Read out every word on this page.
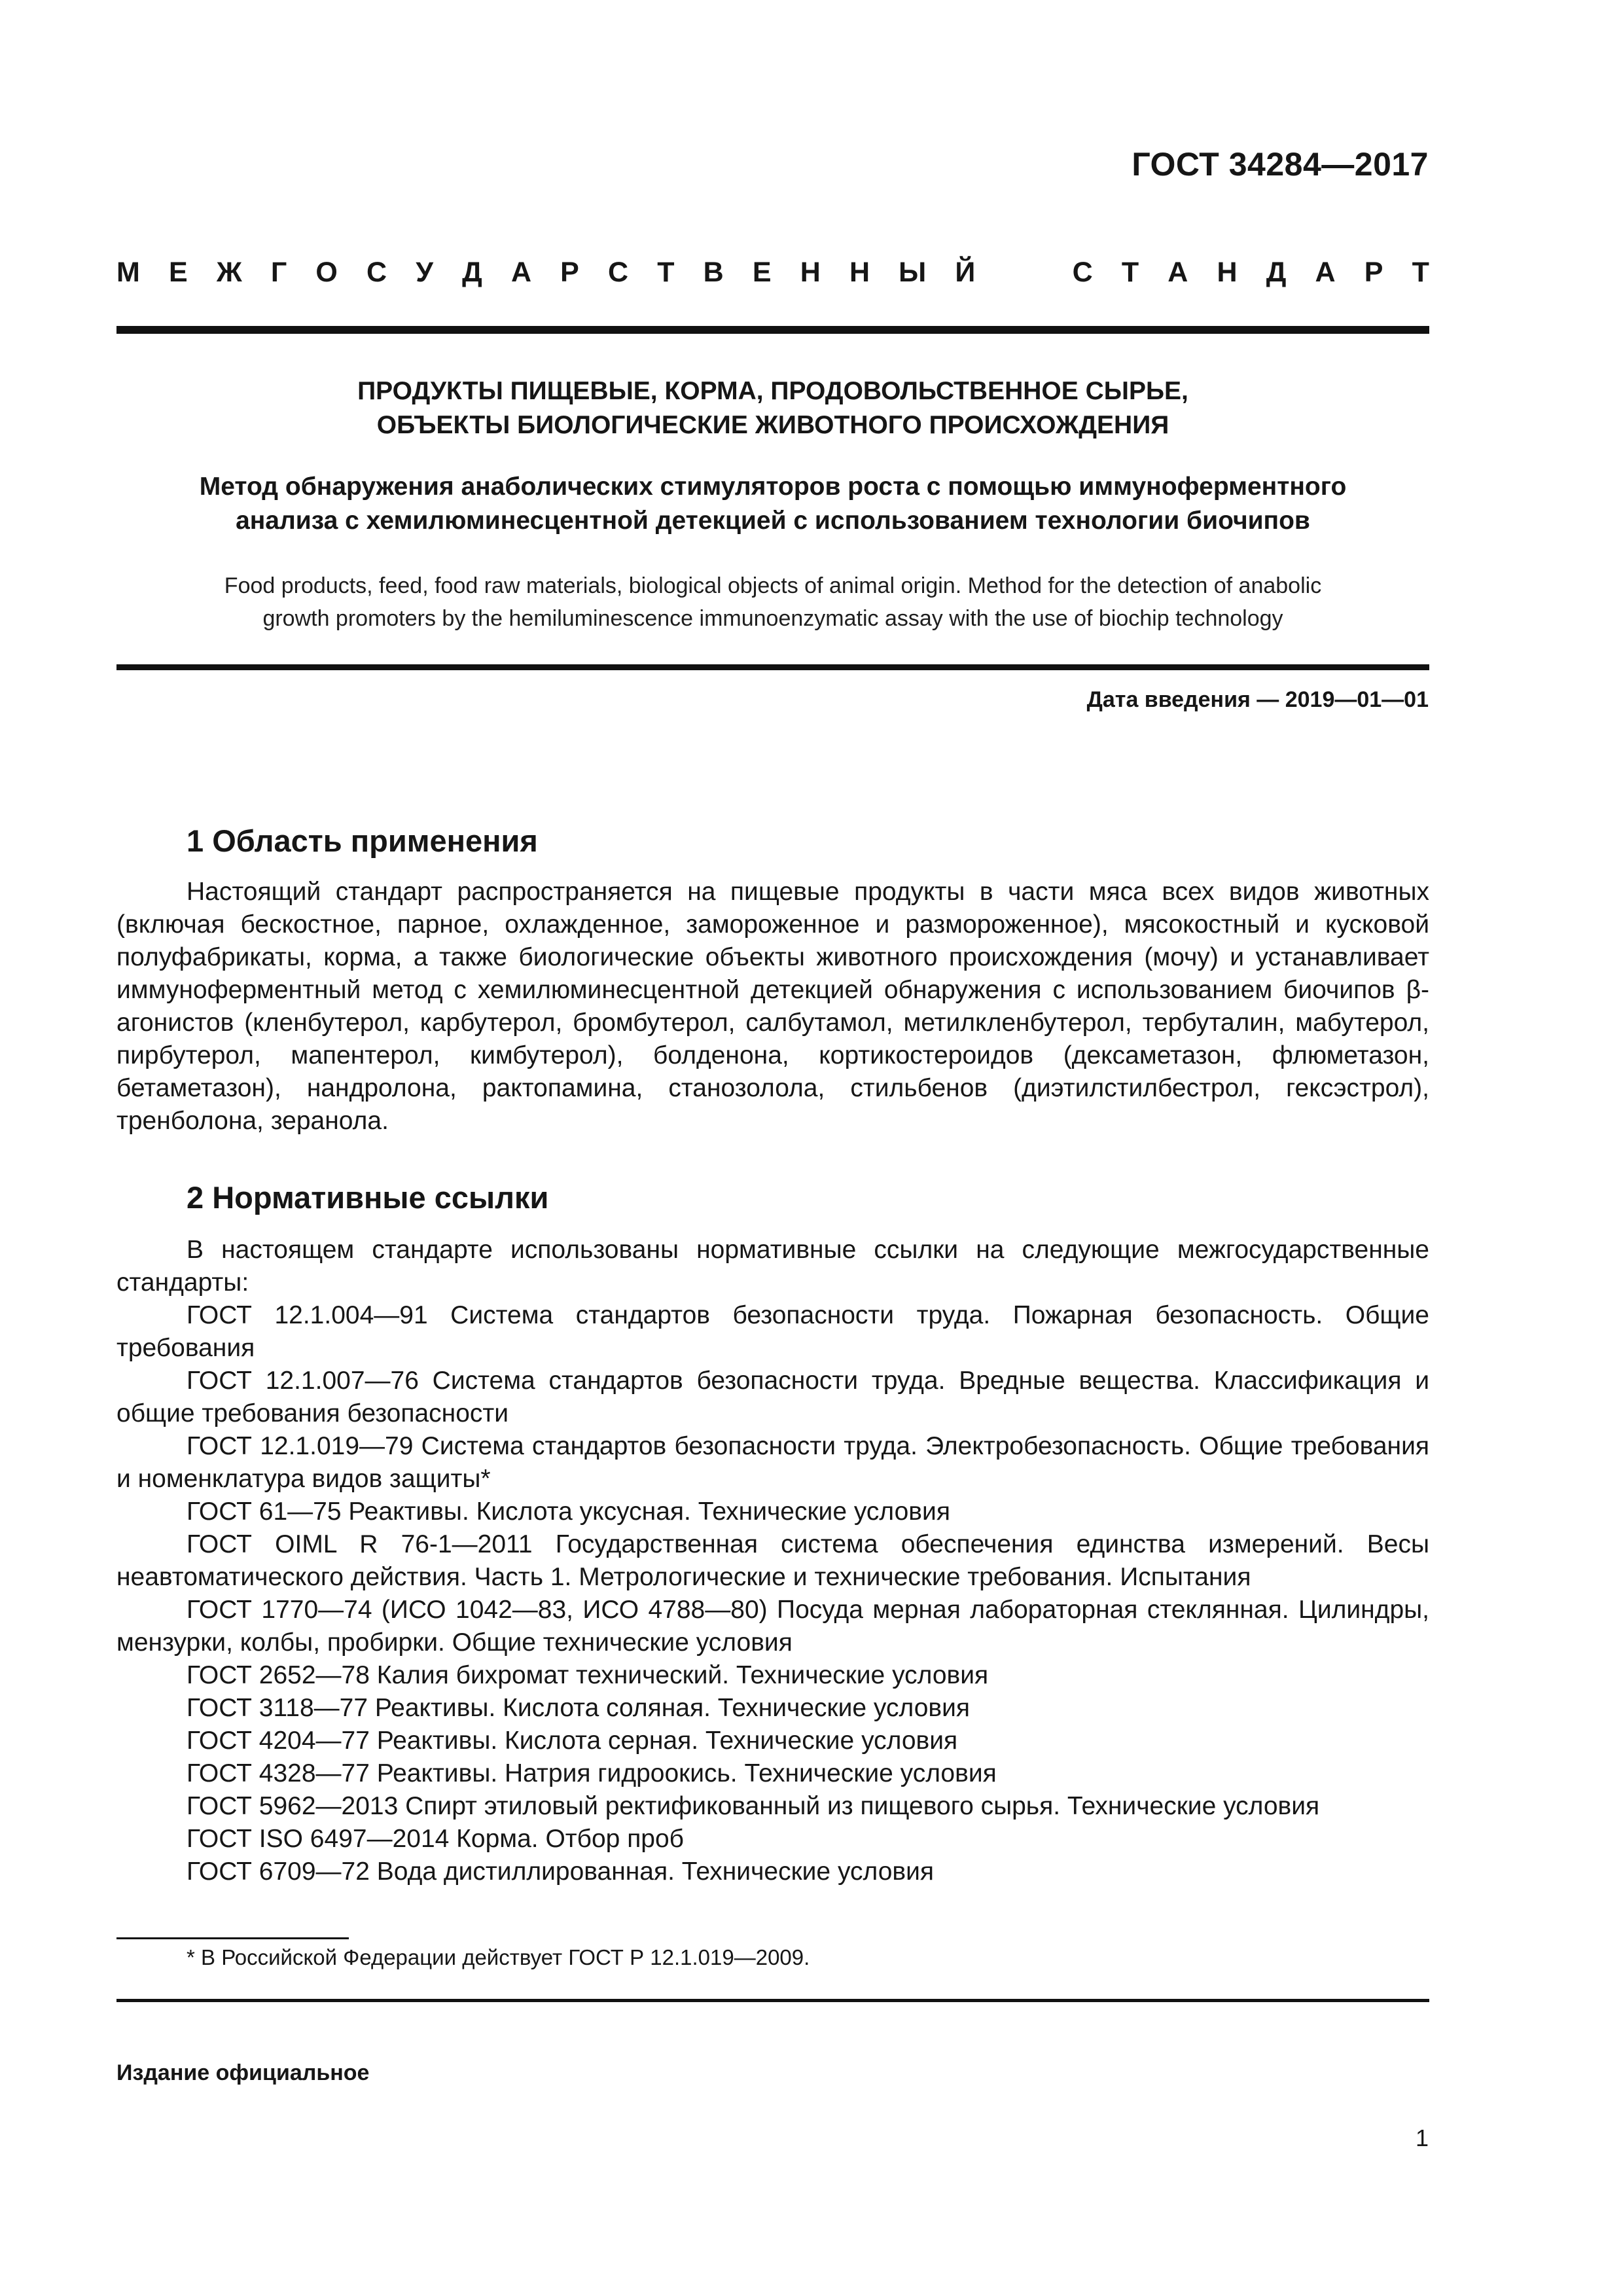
ГОСТ 34284—2017
М Е Ж Г О С У Д А Р С Т В Е Н Н Ы Й	С Т А Н Д А Р Т
ПРОДУКТЫ ПИЩЕВЫЕ, КОРМА, ПРОДОВОЛЬСТВЕННОЕ СЫРЬЕ,
ОБЪЕКТЫ БИОЛОГИЧЕСКИЕ ЖИВОТНОГО ПРОИСХОЖДЕНИЯ
Метод обнаружения анаболических стимуляторов роста с помощью иммуноферментного
анализа с хемилюминесцентной детекцией с использованием технологии биочипов
Food products, feed, food raw materials, biological objects of animal origin. Method for the detection of anabolic
growth promoters by the hemiluminescence immunoenzymatic assay with the use of biochip technology
Дата введения — 2019—01—01
1 Область применения

Настоящий стандарт распространяется на пищевые продукты в части мяса всех видов животных (включая бескостное, парное, охлажденное, замороженное и размороженное), мясокостный и кусковой полуфабрикаты, корма, а также биологические объекты животного происхождения (мочу) и устанавливает иммуноферментный метод с хемилюминесцентной детекцией обнаружения с использованием биочипов β-агонистов (кленбутерол, карбутерол, бромбутерол, салбутамол, метилкленбутерол, тербуталин, мабутерол, пирбутерол, мапентерол, кимбутерол), болденона, кортикостероидов (дексаметазон, флюметазон, бетаметазон), нандролона, рактопамина, станозолола, стильбенов (диэтилстилбестрол, гексэстрол), тренболона, зеранола.

2 Нормативные ссылки

В настоящем стандарте использованы нормативные ссылки на следующие межгосударственные стандарты:

ГОСТ 12.1.004—91 Система стандартов безопасности труда. Пожарная безопасность. Общие требования

ГОСТ 12.1.007—76 Система стандартов безопасности труда. Вредные вещества. Классификация и общие требования безопасности

ГОСТ 12.1.019—79 Система стандартов безопасности труда. Электробезопасность. Общие требования и номенклатура видов защиты*

ГОСТ 61—75 Реактивы. Кислота уксусная. Технические условия

ГОСТ OIML R 76-1—2011 Государственная система обеспечения единства измерений. Весы неавтоматического действия. Часть 1. Метрологические и технические требования. Испытания

ГОСТ 1770—74 (ИСО 1042—83, ИСО 4788—80) Посуда мерная лабораторная стеклянная. Цилиндры, мензурки, колбы, пробирки. Общие технические условия

ГОСТ 2652—78 Калия бихромат технический. Технические условия

ГОСТ 3118—77 Реактивы. Кислота соляная. Технические условия

ГОСТ 4204—77 Реактивы. Кислота серная. Технические условия

ГОСТ 4328—77 Реактивы. Натрия гидроокись. Технические условия

ГОСТ 5962—2013 Спирт этиловый ректификованный из пищевого сырья. Технические условия

ГОСТ ISO 6497—2014 Корма. Отбор проб

ГОСТ 6709—72 Вода дистиллированная. Технические условия

* В Российской Федерации действует ГОСТ Р 12.1.019—2009.
Издание официальное
1
